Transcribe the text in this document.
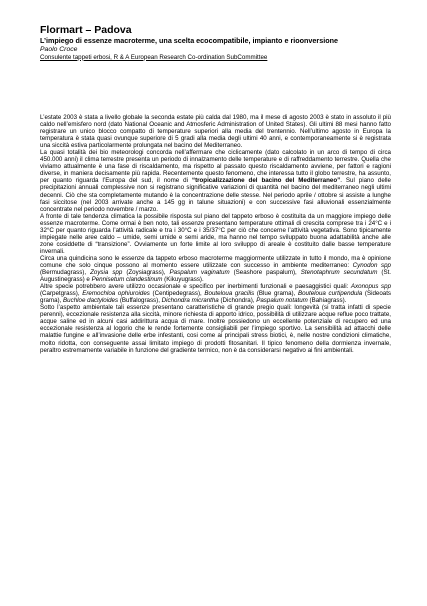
Flormart – Padova
L’impiego di essenze macroterme, una scelta ecocompatibile, impianto e rioonversione
Paolo Croce
Consulente tappeti erbosi, R & A European Research Co-ordination SubCommittee

L’estate 2003 è stata a livello globale la seconda estate più calda dal 1980, ma il mese di agosto 2003 è stato in assoluto il più caldo nell’emisfero nord (dato National Oceanic and Atmosferic Administration of United States). Gli ultimi 88 mesi hanno fatto registrare un unico blocco compatto di temperature superiori alla media del trentennio. Nell’ultimo agosto in Europa la temperatura è stata quasi ovunque superiore di 5 gradi alla media degli ultimi 40 anni, e contemporaneamente si è registrata una siccità estiva particolarmente prolungata nel bacino del Mediterraneo.

La quasi totalità dei bio meteorologi concorda nell’affermare che ciclicamente (dato calcolato in un arco di tempo di circa 450.000 anni) il clima terrestre presenta un periodo di innalzamento delle temperature e di raffreddamento terrestre. Quella che viviamo attualmente è una fase di riscaldamento, ma rispetto al passato questo riscaldamento avviene, per fattori e ragioni diverse, in maniera decisamente più rapida. Recentemente questo fenomeno, che interessa tutto il globo terrestre, ha assunto, per quanto riguarda l’Europa del sud, il nome di “tropicalizzazione del bacino del Mediterraneo”. Sul piano delle precipitazioni annuali complessive non si registrano significative variazioni di quantità nel bacino del mediterraneo negli ultimi decenni. Ciò che sta completamente mutando è la concentrazione delle stesse. Nel periodo aprile / ottobre si assiste a lunghe fasi siccitose (nel 2003 arrivate anche a 145 gg in talune situazioni) e con successive fasi alluvionali essenzialmente concentrate nel periodo novembre / marzo.

A fronte di tale tendenza climatica la possibile risposta sul piano del tappeto erboso è costituita da un maggiore impiego delle essenze macroterme. Come ormai è ben noto, tali essenze presentano temperature ottimali di crescita comprese tra i 24°C e i 32°C per quanto riguarda l’attività radicale e tra i 30°C e i 35/37°C per ciò che concerne l’attività vegetativa. Sono tipicamente impiegate nelle aree caldo – umide, semi umide e semi aride, ma hanno nel tempo sviluppato buona adattabilità anche alle zone cosiddette di “transizione”. Ovviamente un forte limite al loro sviluppo di areale è costituito dalle basse temperature invernali.

Circa una quindicina sono le essenze da tappeto erboso macroterme maggiormente utilizzate in tutto il mondo, ma è opinione comune che solo cinque possono al momento essere utilizzate con successo in ambiente mediterraneo: Cynodon spp (Bermudagrass), Zoysia spp (Zoysiagrass), Paspalum vaginatum (Seashore paspalum), Stenotaphrum secundatum (St. Augustinegrass) e Pennisetum clandestinum (Kikuyugrass).

Altre specie potrebbero avere utilizzo occasionale e specifico per inerbimenti funzionali e paesaggistici quali: Axonopus spp (Carpetgrass), Eremochloa ophiuroides (Centipedegrass), Bouteloua gracilis (Blue grama), Bouteloua curtipendula (Sideoats grama), Buchloe dactyloides (Buffalograss), Dichondra micrantha (Dichondra), Paspalum notatum (Bahiagrass).

Sotto l’aspetto ambientale tali essenze presentano caratteristiche di grande pregio quali: longevità (si tratta infatti di specie perenni), eccezionale resistenza alla siccità, minore richiesta di apporto idrico, possibilità di utilizzare acque reflue poco trattate, acque saline ed in alcuni casi addirittura acqua di mare. Inoltre possiedono un eccellente potenziale di recupero ed una eccezionale resistenza al logorio che le rende fortemente consigliabili per l’impiego sportivo. La sensibilità ad attacchi delle malattie fungine e all’invasione delle erbe infestanti, cosi come ai principali stress biotici, è, nelle nostre condizioni climatiche, molto ridotta, con conseguente assai limitato impiego di prodotti fitosanitari. Il tipico fenomeno della dormienza invernale, peraltro estremamente variabile in funzione del gradiente termico, non è da considerarsi negativo ai fini ambientali.
